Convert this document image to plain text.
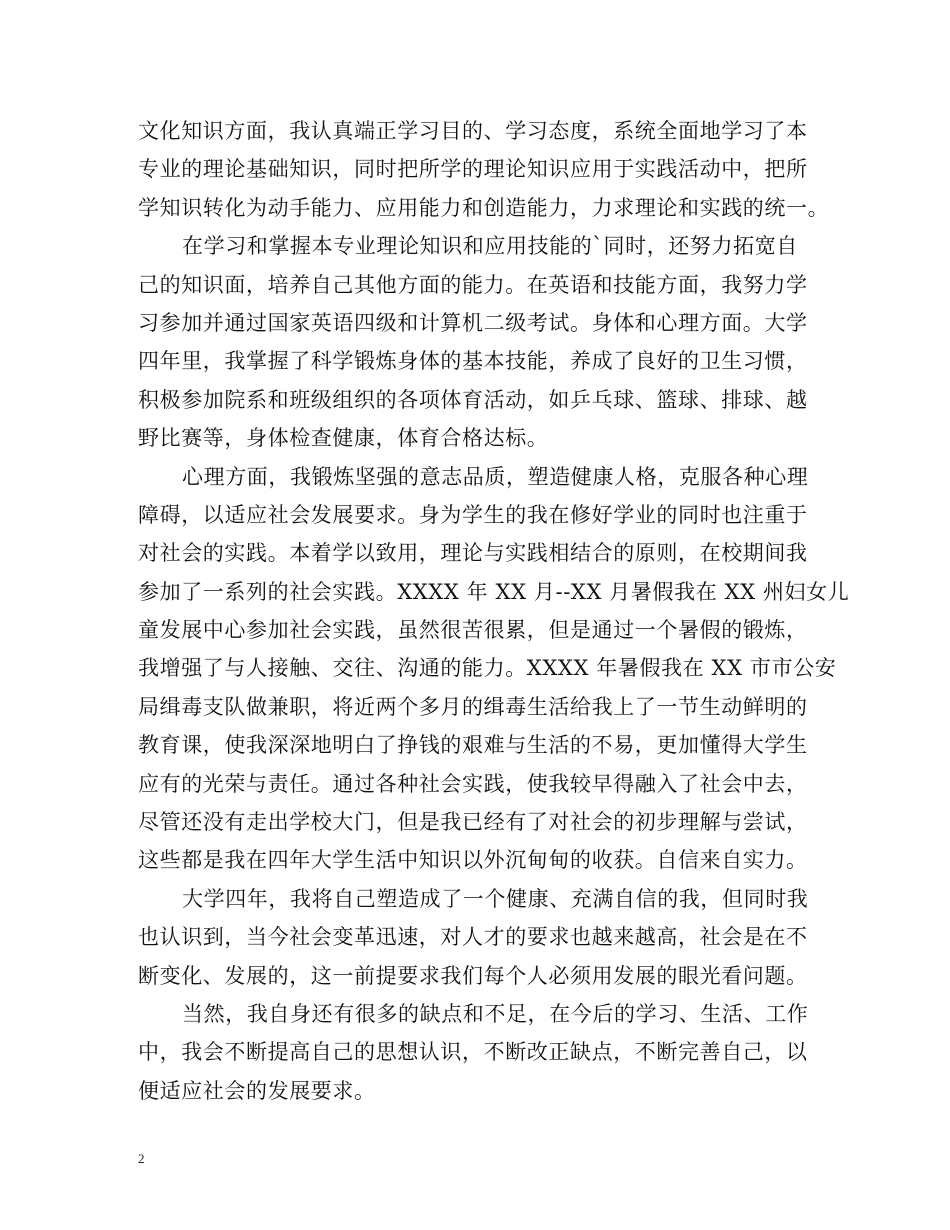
文化知识方面，我认真端正学习目的、学习态度，系统全面地学习了本
专业的理论基础知识，同时把所学的理论知识应用于实践活动中，把所
学知识转化为动手能力、应用能力和创造能力，力求理论和实践的统一。
在学习和掌握本专业理论知识和应用技能的`同时，还努力拓宽自
己的知识面，培养自己其他方面的能力。在英语和技能方面，我努力学
习参加并通过国家英语四级和计算机二级考试。身体和心理方面。大学
四年里，我掌握了科学锻炼身体的基本技能，养成了良好的卫生习惯，
积极参加院系和班级组织的各项体育活动，如乒乓球、篮球、排球、越
野比赛等，身体检查健康，体育合格达标。
心理方面，我锻炼坚强的意志品质，塑造健康人格，克服各种心理
障碍，以适应社会发展要求。身为学生的我在修好学业的同时也注重于
对社会的实践。本着学以致用，理论与实践相结合的原则，在校期间我
参加了一系列的社会实践。XXXX 年 XX 月--XX 月暑假我在 XX 州妇女儿
童发展中心参加社会实践，虽然很苦很累，但是通过一个暑假的锻炼，
我增强了与人接触、交往、沟通的能力。XXXX 年暑假我在 XX 市市公安
局缉毒支队做兼职，将近两个多月的缉毒生活给我上了一节生动鲜明的
教育课，使我深深地明白了挣钱的艰难与生活的不易，更加懂得大学生
应有的光荣与责任。通过各种社会实践，使我较早得融入了社会中去，
尽管还没有走出学校大门，但是我已经有了对社会的初步理解与尝试，
这些都是我在四年大学生活中知识以外沉甸甸的收获。自信来自实力。
大学四年，我将自己塑造成了一个健康、充满自信的我，但同时我
也认识到，当今社会变革迅速，对人才的要求也越来越高，社会是在不
断变化、发展的，这一前提要求我们每个人必须用发展的眼光看问题。
当然，我自身还有很多的缺点和不足，在今后的学习、生活、工作
中，我会不断提高自己的思想认识，不断改正缺点，不断完善自己，以
便适应社会的发展要求。
2
